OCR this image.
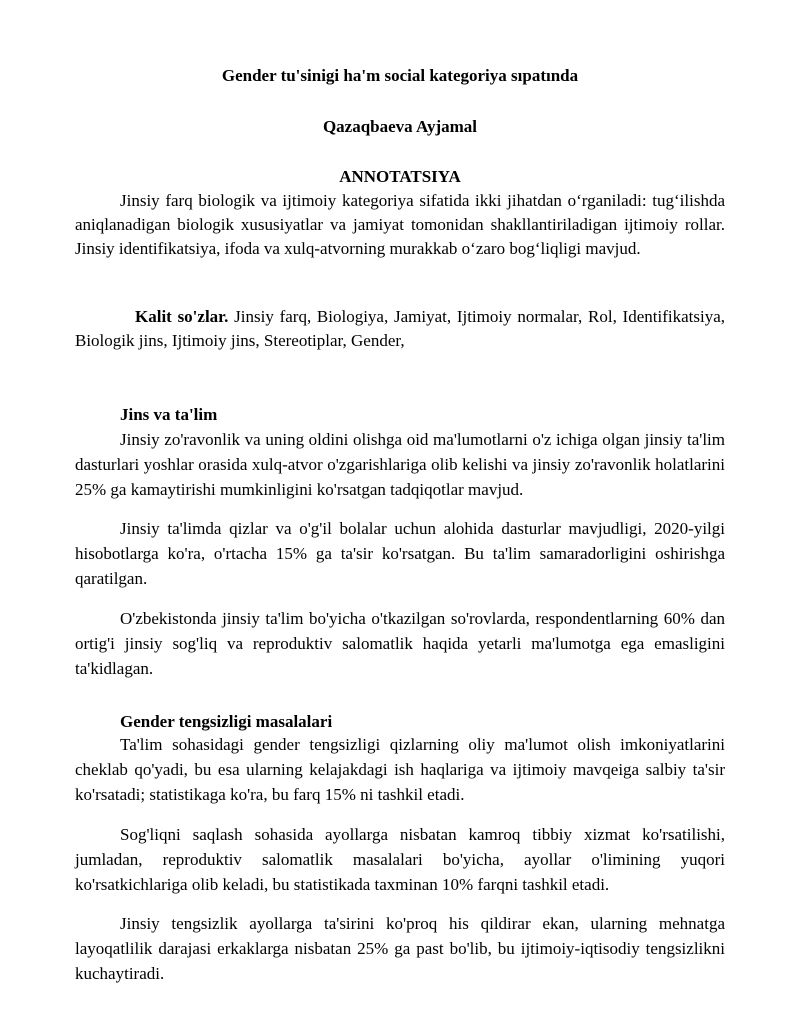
Gender tu'sinigi ha'm social kategoriya sıpatında
Qazaqbaeva Ayjamal
ANNOTATSIYA
Jinsiy farq biologik va ijtimoiy kategoriya sifatida ikki jihatdan o‘rganiladi: tug‘ilishda aniqlanadigan biologik xususiyatlar va jamiyat tomonidan shakllantiriladigan ijtimoiy rollar. Jinsiy identifikatsiya, ifoda va xulq-atvorning murakkab o‘zaro bog‘liqligi mavjud.
Kalit so'zlar. Jinsiy farq, Biologiya, Jamiyat, Ijtimoiy normalar, Rol, Identifikatsiya, Biologik jins, Ijtimoiy jins, Stereotiplar, Gender,
Jins va ta'lim
Jinsiy zo'ravonlik va uning oldini olishga oid ma'lumotlarni o'z ichiga olgan jinsiy ta'lim dasturlari yoshlar orasida xulq-atvor o'zgarishlariga olib kelishi va jinsiy zo'ravonlik holatlarini 25% ga kamaytirishi mumkinligini ko'rsatgan tadqiqotlar mavjud.
Jinsiy ta'limda qizlar va o'g'il bolalar uchun alohida dasturlar mavjudligi, 2020-yilgi hisobotlarga ko'ra, o'rtacha 15% ga ta'sir ko'rsatgan. Bu ta'lim samaradorligini oshirishga qaratilgan.
O'zbekistonda jinsiy ta'lim bo'yicha o'tkazilgan so'rovlarda, respondentlarning 60% dan ortig'i jinsiy sog'liq va reproduktiv salomatlik haqida yetarli ma'lumotga ega emasligini ta'kidlagan.
Gender tengsizligi masalalari
Ta'lim sohasidagi gender tengsizligi qizlarning oliy ma'lumot olish imkoniyatlarini cheklab qo'yadi, bu esa ularning kelajakdagi ish haqlariga va ijtimoiy mavqeiga salbiy ta'sir ko'rsatadi; statistikaga ko'ra, bu farq 15% ni tashkil etadi.
Sog'liqni saqlash sohasida ayollarga nisbatan kamroq tibbiy xizmat ko'rsatilishi, jumladan, reproduktiv salomatlik masalalari bo'yicha, ayollar o'limining yuqori ko'rsatkichlariga olib keladi, bu statistikada taxminan 10% farqni tashkil etadi.
Jinsiy tengsizlik ayollarga ta'sirini ko'proq his qildirar ekan, ularning mehnatga layoqatlilik darajasi erkaklarga nisbatan 25% ga past bo'lib, bu ijtimoiy-iqtisodiy tengsizlikni kuchaytiradi.
